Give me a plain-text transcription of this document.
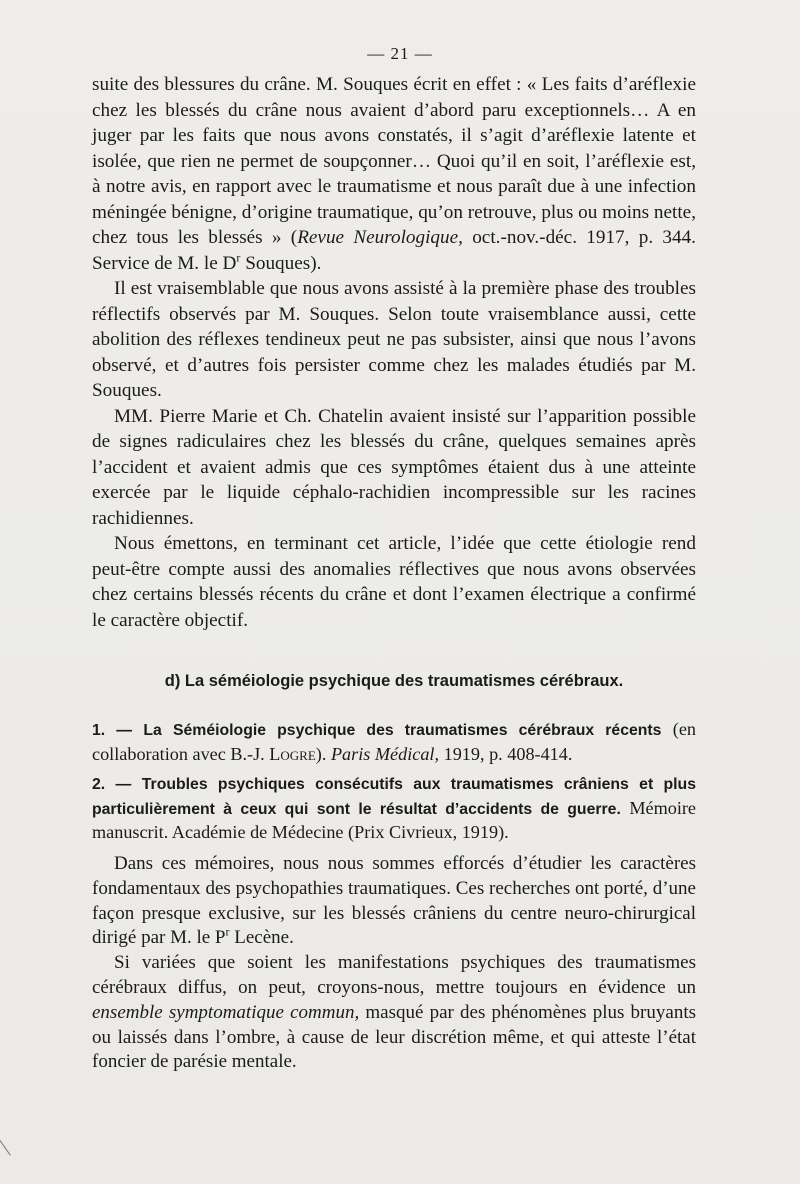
— 21 —

suite des blessures du crâne. M. Souques écrit en effet : « Les faits d’aréflexie chez les blessés du crâne nous avaient d’abord paru exceptionnels… A en juger par les faits que nous avons constatés, il s’agit d’aréflexie latente et isolée, que rien ne permet de soupçonner… Quoi qu’il en soit, l’aréflexie est, à notre avis, en rapport avec le traumatisme et nous paraît due à une infection méningée bénigne, d’origine traumatique, qu’on retrouve, plus ou moins nette, chez tous les blessés » (Revue Neurologique, oct.-nov.-déc. 1917, p. 344. Service de M. le $D^r$ Souques).

Il est vraisemblable que nous avons assisté à la première phase des troubles réflectifs observés par M. Souques. Selon toute vraisemblance aussi, cette abolition des réflexes tendineux peut ne pas subsister, ainsi que nous l’avons observé, et d’autres fois persister comme chez les malades étudiés par M. Souques.

MM. Pierre Marie et Ch. Chatelin avaient insisté sur l’apparition possible de signes radiculaires chez les blessés du crâne, quelques semaines après l’accident et avaient admis que ces symptômes étaient dus à une atteinte exercée par le liquide céphalo-rachidien incompressible sur les racines rachidiennes.

Nous émettons, en terminant cet article, l’idée que cette étiologie rend peut-être compte aussi des anomalies réflectives que nous avons observées chez certains blessés récents du crâne et dont l’examen électrique a confirmé le caractère objectif.

d) La séméiologie psychique des traumatismes cérébraux.

1. — La Séméiologie psychique des traumatismes cérébraux récents (en collaboration avec B.-J. Logre). Paris Médical, 1919, p. 408-414.

2. — Troubles psychiques consécutifs aux traumatismes crâniens et plus particulièrement à ceux qui sont le résultat d’accidents de guerre. Mémoire manuscrit. Académie de Médecine (Prix Civrieux, 1919).

Dans ces mémoires, nous nous sommes efforcés d’étudier les caractères fondamentaux des psychopathies traumatiques. Ces recherches ont porté, d’une façon presque exclusive, sur les blessés crâniens du centre neuro-chirurgical dirigé par M. le $P^r$ Lecène.

Si variées que soient les manifestations psychiques des traumatismes cérébraux diffus, on peut, croyons-nous, mettre toujours en évidence un ensemble symptomatique commun, masqué par des phénomènes plus bruyants ou laissés dans l’ombre, à cause de leur discrétion même, et qui atteste l’état foncier de parésie mentale.
